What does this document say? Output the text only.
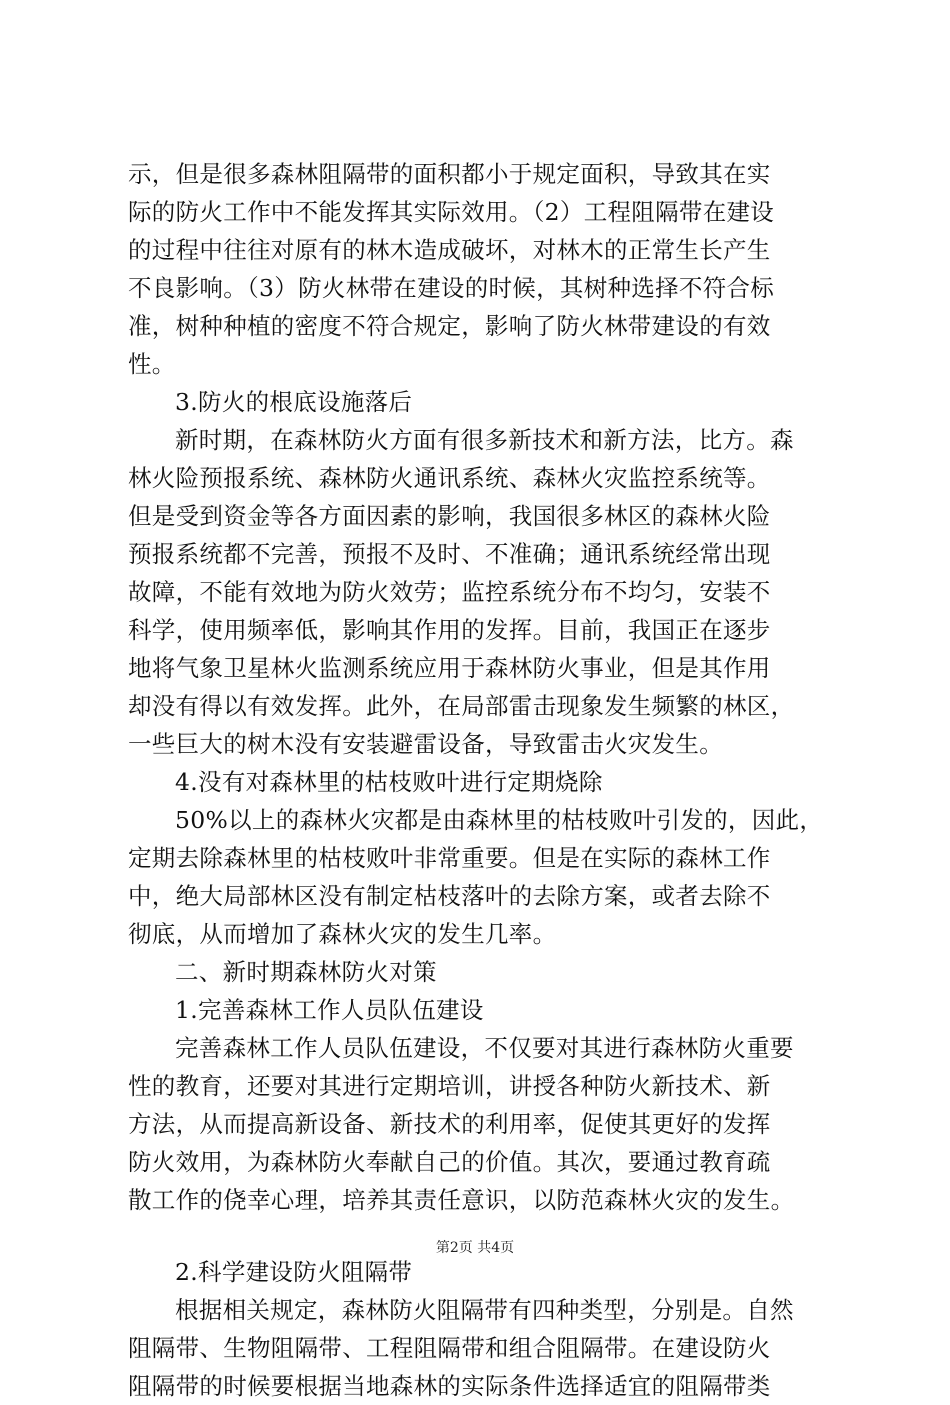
示，但是很多森林阻隔带的面积都小于规定面积，导致其在实
际的防火工作中不能发挥其实际效用。（2）工程阻隔带在建设
的过程中往往对原有的林木造成破坏，对林木的正常生长产生
不良影响。（3）防火林带在建设的时候，其树种选择不符合标
准，树种种植的密度不符合规定，影响了防火林带建设的有效
性。
3.防火的根底设施落后
新时期，在森林防火方面有很多新技术和新方法，比方。森
林火险预报系统、森林防火通讯系统、森林火灾监控系统等。
但是受到资金等各方面因素的影响，我国很多林区的森林火险
预报系统都不完善，预报不及时、不准确；通讯系统经常出现
故障，不能有效地为防火效劳；监控系统分布不均匀，安装不
科学，使用频率低，影响其作用的发挥。目前，我国正在逐步
地将气象卫星林火监测系统应用于森林防火事业，但是其作用
却没有得以有效发挥。此外，在局部雷击现象发生频繁的林区，
一些巨大的树木没有安装避雷设备，导致雷击火灾发生。
4.没有对森林里的枯枝败叶进行定期烧除
50%以上的森林火灾都是由森林里的枯枝败叶引发的，因此，
定期去除森林里的枯枝败叶非常重要。但是在实际的森林工作
中，绝大局部林区没有制定枯枝落叶的去除方案，或者去除不
彻底，从而增加了森林火灾的发生几率。
二、新时期森林防火对策
1.完善森林工作人员队伍建设
完善森林工作人员队伍建设，不仅要对其进行森林防火重要
性的教育，还要对其进行定期培训，讲授各种防火新技术、新
方法，从而提高新设备、新技术的利用率，促使其更好的发挥
防火效用，为森林防火奉献自己的价值。其次，要通过教育疏
散工作的侥幸心理，培养其责任意识，以防范森林火灾的发生。
2.科学建设防火阻隔带
根据相关规定，森林防火阻隔带有四种类型，分别是。自然
阻隔带、生物阻隔带、工程阻隔带和组合阻隔带。在建设防火
阻隔带的时候要根据当地森林的实际条件选择适宜的阻隔带类
第2页 共4页
